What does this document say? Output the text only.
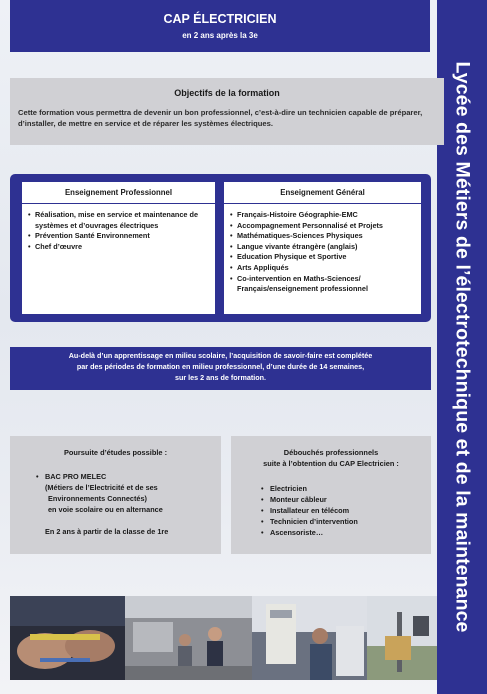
Lycée des Métiers de l’électrotechnique et de la maintenance
CAP ÉLECTRICIEN
en 2 ans après la 3e
Objectifs de la formation
Cette formation vous permettra de devenir un bon professionnel, c’est-à-dire un technicien capable de préparer, d’installer, de mettre en service et de réparer les systèmes électriques.
Enseignement Professionnel
• Réalisation, mise en service et maintenance de systèmes et d’ouvrages électriques
• Prévention Santé Environnement
• Chef d’œuvre
Enseignement Général
• Français-Histoire Géographie-EMC
• Accompagnement Personnalisé et Projets
• Mathématiques-Sciences Physiques
• Langue vivante étrangère (anglais)
• Education Physique et Sportive
• Arts Appliqués
• Co-intervention en Maths-Sciences/ Français/enseignement professionnel
Au-delà d’un apprentissage en milieu scolaire, l’acquisition de savoir-faire est complétée
par des périodes de formation en milieu professionnel, d’une durée de 14 semaines,
sur les 2 ans de formation.
Poursuite d’études possible :
• BAC PRO MELEC
(Métiers de l’Electricité et de ses
Environnements Connectés)
en voie scolaire ou en alternance
En 2 ans à partir de la classe de 1re
Débouchés professionnels
suite à l’obtention du CAP Electricien :
• Electricien
• Monteur câbleur
• Installateur en télécom
• Technicien d’intervention
• Ascensoriste…
